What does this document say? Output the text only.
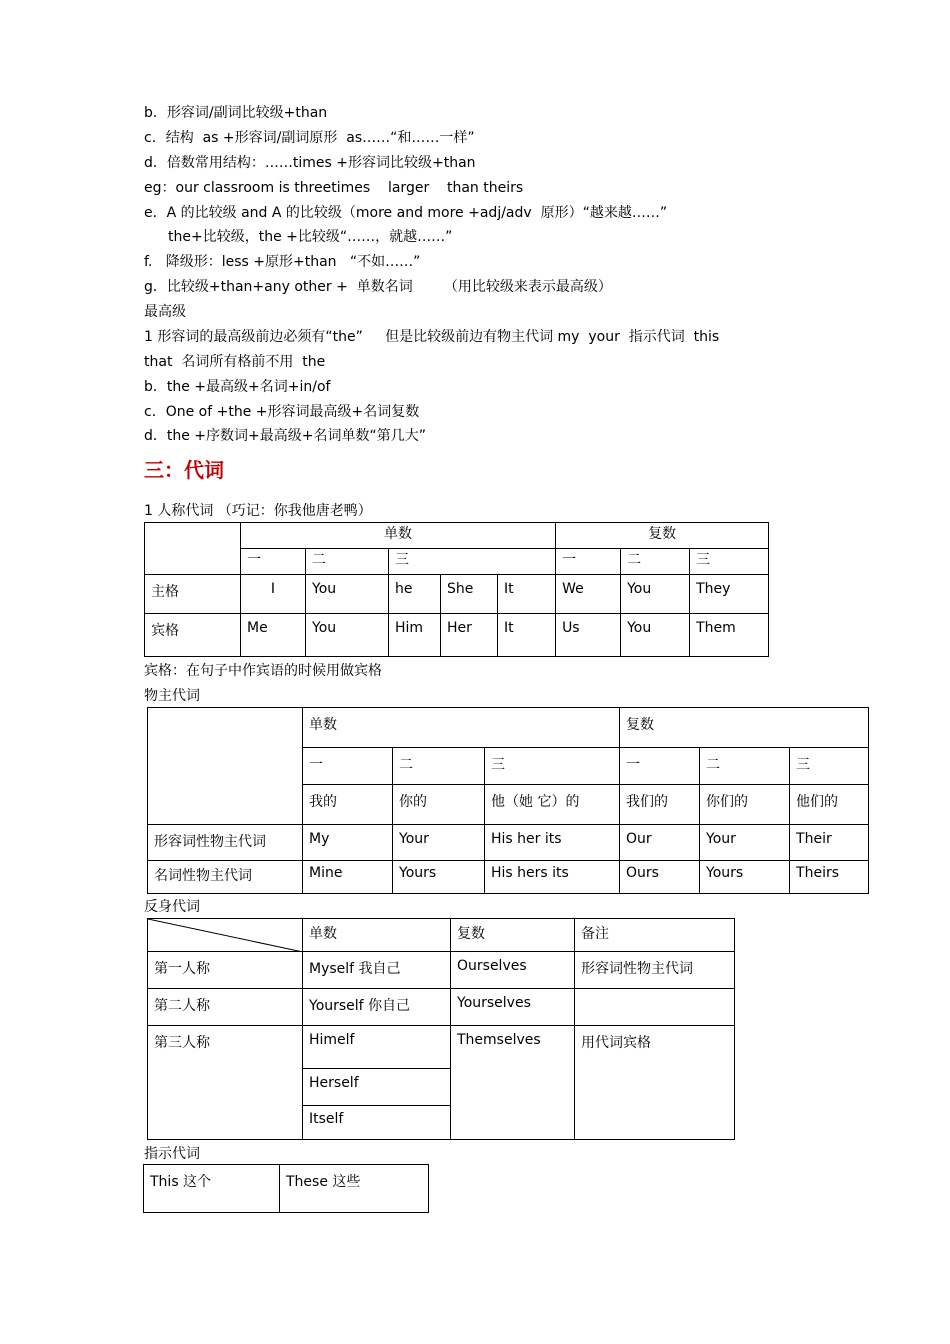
b．形容词/副词比较级+than
c．结构  as +形容词/副词原形  as……“和……一样”
d．倍数常用结构：……times +形容词比较级+than
eg：our classroom is threetimes    larger    than theirs
e．A 的比较级 and A 的比较级（more and more +adj/adv  原形）“越来越……”
the+比较级，the +比较级“……，就越……”
f.   降级形：less +原形+than   “不如……”
g．比较级+than+any other +  单数名词       （用比较级来表示最高级）
最高级
1 形容词的最高级前边必须有“the”     但是比较级前边有物主代词 my  your  指示代词  this
that  名词所有格前不用  the
b．the +最高级+名词+in/of
c．One of +the +形容词最高级+名词复数
d．the +序数词+最高级+名词单数“第几大”
三：代词
1 人称代词 （巧记：你我他唐老鸭）
	单数					复数		
	一	二	三			一	二	三
主格	I	You	he	She	It	We	You	They
宾格	Me	You	Him	Her	It	Us	You	Them
宾格：在句子中作宾语的时候用做宾格
物主代词
	单数			复数		
	一	二	三	一	二	三
	我的	你的	他（她 它）的	我们的	你们的	他们的
形容词性物主代词	My	Your	His her its	Our	Your	Their
名词性物主代词	Mine	Yours	His hers its	Ours	Yours	Theirs
反身代词
	单数	复数	备注
第一人称	Myself 我自己	Ourselves	形容词性物主代词
第二人称	Yourself 你自己	Yourselves	
第三人称	Himelf	Themselves	用代词宾格
	Herself		
	Itself		
指示代词
This 这个	These 这些
